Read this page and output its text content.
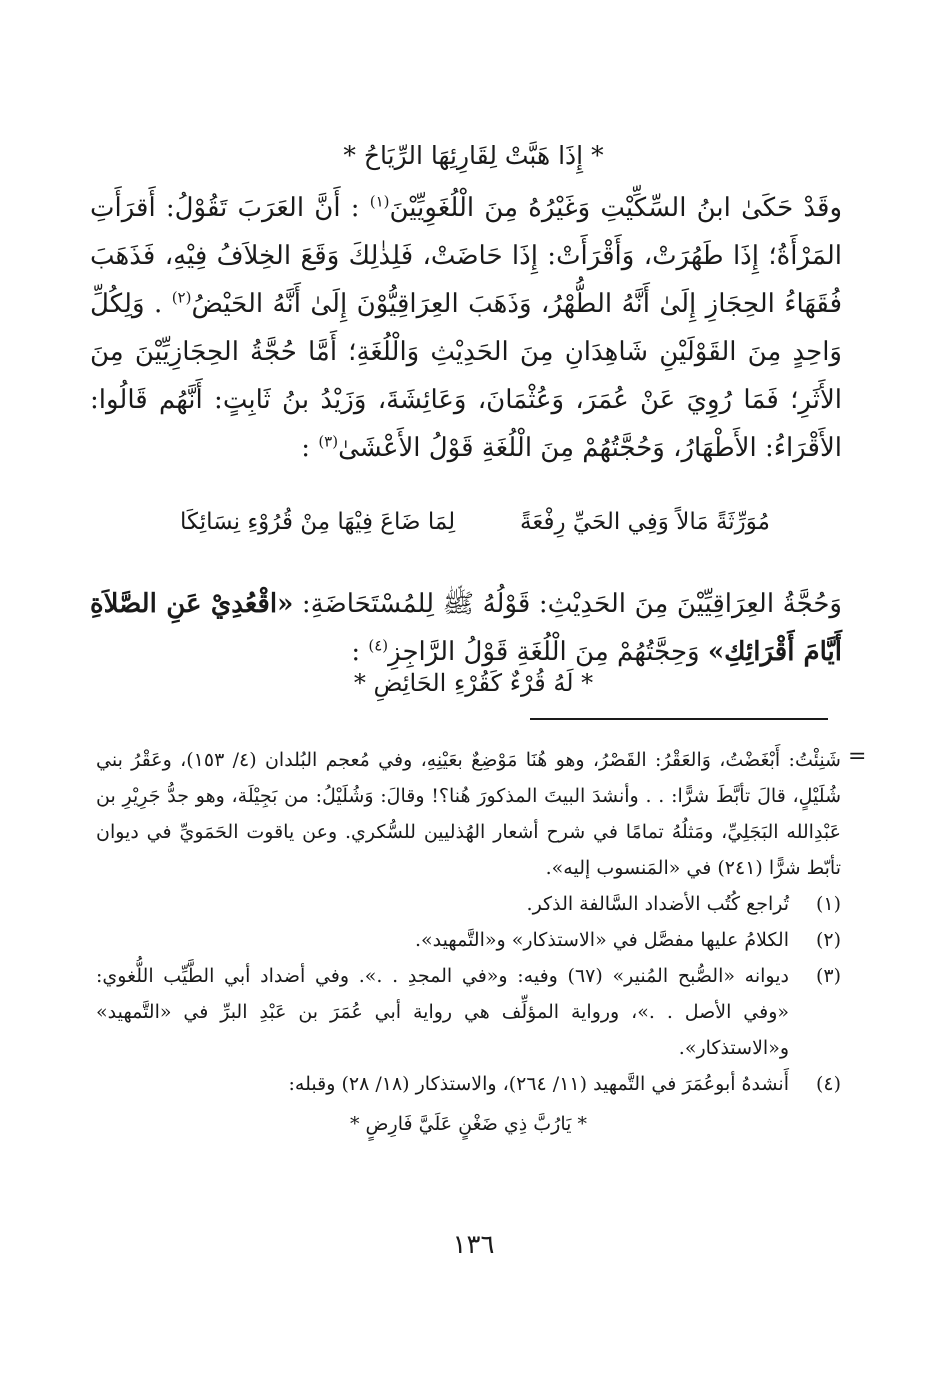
* إِذَا هَبَّتْ لِقَارِئِهَا الرِّيَاحُ *

وقَدْ حَكَىٰ ابنُ السِّكِّيْتِ وَغَيْرُهُ مِنَ الْلُغَوِيِّيْنَ$^{(١)}$ : أَنَّ العَرَبَ تَقُوْلُ: أَقرَأَتِ المَرْأَةُ؛ إِذَا طَهُرَتْ، وَأَقْرَأَتْ: إِذَا حَاضَتْ، فَلِذٰلِكَ وَقَعَ الخِلاَفُ فِيْهِ، فَذَهَبَ فُقَهَاءُ الحِجَازِ إِلَىٰ أَنَّهُ الطُّهْرُ، وَذَهَبَ العِرَاقِيُّوْنَ إِلَىٰ أَنَّهُ الحَيْضُ$^{(٢)}$ . وَلِكُلِّ وَاحِدٍ مِنَ القَوْلَيْنِ شَاهِدَانِ مِنَ الحَدِيْثِ وَالْلُغَةِ؛ أَمَّا حُجَّةُ الحِجَازِيِّيْنَ مِنَ الأَثَرِ؛ فَمَا رُوِيَ عَنْ عُمَرَ، وَعُثْمَانَ، وَعَائِشَةَ، وَزَيْدُ بنُ ثَابِتٍ: أَنَّهُم قَالُوا: الأَقْرَاءُ: الأَطْهَارُ، وَحُجَّتُهُمْ مِنَ الْلُغَةِ قَوْلُ الأَعْشَىٰ$^{(٣)}$ :

مُوَرِّثَةً مَالاً وَفِي الحَيِّ رِفْعَةً
لِمَا ضَاعَ فِيْهَا مِنْ قُرُوْءِ نِسَائِكَا

وَحُجَّةُ العِرَاقِيِّيْنَ مِنَ الحَدِيْثِ: قَوْلُهُ ﷺ لِلمُسْتَحَاضَةِ: «اقْعُدِيْ عَنِ الصَّلاَةِ أَيَّامَ أَقْرَائِكِ» وَحِجَّتُهُمْ مِنَ الْلُغَةِ قَوْلُ الرَّاجِزِ$^{(٤)}$ :

* لَهُ قُرْءٌ كَقُرْءِ الحَائِضِ *
=

شَنِئْتُ: أَبْغَضْتُ، وَالعَقْرُ: القَصْرُ، وهو هُنَا مَوْضِعٌ بعَيْنِهِ، وفي مُعجم البُلدان (٤/ ١٥٣)، وعَقْرُ بني شُلَيْلٍ، قالَ تأبَّطَ شرًّا: . . وأنشدَ البيتَ المذكورَ هُنا؟! وقالَ: وَشُلَيْلُ: من بَجِيْلَة، وهو جدُّ جَرِيْرِ بن عَبْدِالله البَجَلِيِّ، ومَثلُهُ تمامًا في شرح أشعار الهُذليين للسُّكري. وعن ياقوت الحَمَويِّ في ديوان تأبّط شرًّا (٢٤١) في «المَنسوب إليه».

(١)
تُراجع كُتُب الأضداد السَّالفة الذكر.
(٢)
الكلامُ عليها مفصَّل في «الاستذكار» و«التَّمهيد».
(٣)
ديوانه «الصُّبح المُنير» (٦٧) وفيه: و«في المجدِ . .». وفي أضداد أبي الطَّيِّب اللُّغوي: «وفي الأصل . .»، ورواية المؤلِّف هي رواية أبي عُمَرَ بن عَبْدِ البرِّ في «التَّمهيد» و«الاستذكار».
(٤)
أَنشدهُ أبوعُمَرَ في التَّمهيد (١١/ ٢٦٤)، والاستذكار (١٨/ ٢٨) وقبله:
* يَارُبَّ ذِي ضَغْنٍ عَلَيَّ فَارِضٍ *
١٣٦
